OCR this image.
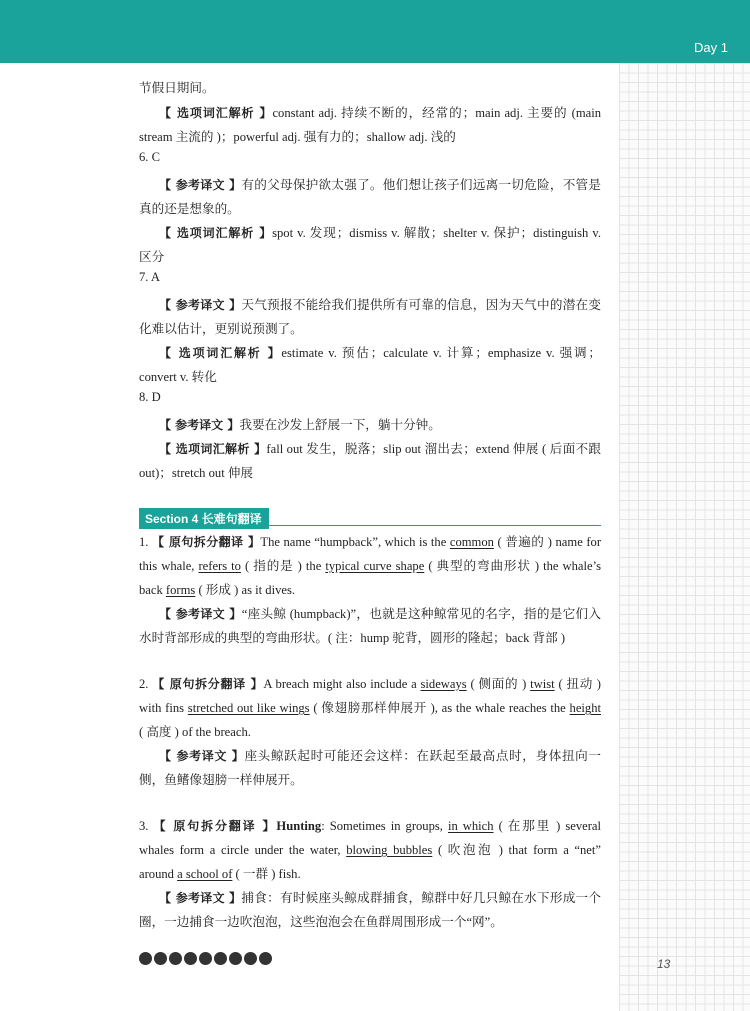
Day 1
13
节假日期间。
【 选项词汇解析 】constant adj. 持续不断的，经常的；main adj. 主要的 (main
stream 主流的 )；powerful adj. 强有力的；shallow adj. 浅的
6. C
【 参考译文 】有的父母保护欲太强了。他们想让孩子们远离一切危险，不管是
真的还是想象的。
【 选项词汇解析 】spot v. 发现；dismiss v. 解散；shelter v. 保护；distinguish v.
区分
7. A
【 参考译文 】天气预报不能给我们提供所有可靠的信息，因为天气中的潜在变
化难以估计，更别说预测了。
【 选项词汇解析 】estimate v. 预估；calculate v. 计算；emphasize v. 强调；
convert v. 转化
8. D
【 参考译文 】我要在沙发上舒展一下，躺十分钟。
【 选项词汇解析 】fall out 发生，脱落；slip out 溜出去；extend 伸展 ( 后面不跟
out)；stretch out 伸展
Section 4 长难句翻译
1. 【 原句拆分翻译 】The name “humpback”, which is the common ( 普遍的 ) name for
this whale, refers to ( 指的是 ) the typical curve shape ( 典型的弯曲形状 ) the whale’s
back forms ( 形成 ) as it dives.
【 参考译文 】“座头鲸 (humpback)”，也就是这种鲸常见的名字，指的是它们入
水时背部形成的典型的弯曲形状。( 注：hump 驼背，圆形的隆起；back 背部 )
2. 【 原句拆分翻译 】A breach might also include a sideways ( 侧面的 ) twist ( 扭动 )
with fins stretched out like wings ( 像翅膀那样伸展开 ), as the whale reaches the height
( 高度 ) of the breach.
【 参考译文 】座头鲸跃起时可能还会这样：在跃起至最高点时，身体扭向一
侧，鱼鳍像翅膀一样伸展开。
3. 【 原句拆分翻译 】Hunting: Sometimes in groups, in which ( 在那里 ) several
whales form a circle under the water, blowing bubbles ( 吹泡泡 ) that form a “net”
around a school of ( 一群 ) fish.
【 参考译文 】捕食：有时候座头鲸成群捕食，鲸群中好几只鲸在水下形成一个
圈，一边捕食一边吹泡泡，这些泡泡会在鱼群周围形成一个“网”。
